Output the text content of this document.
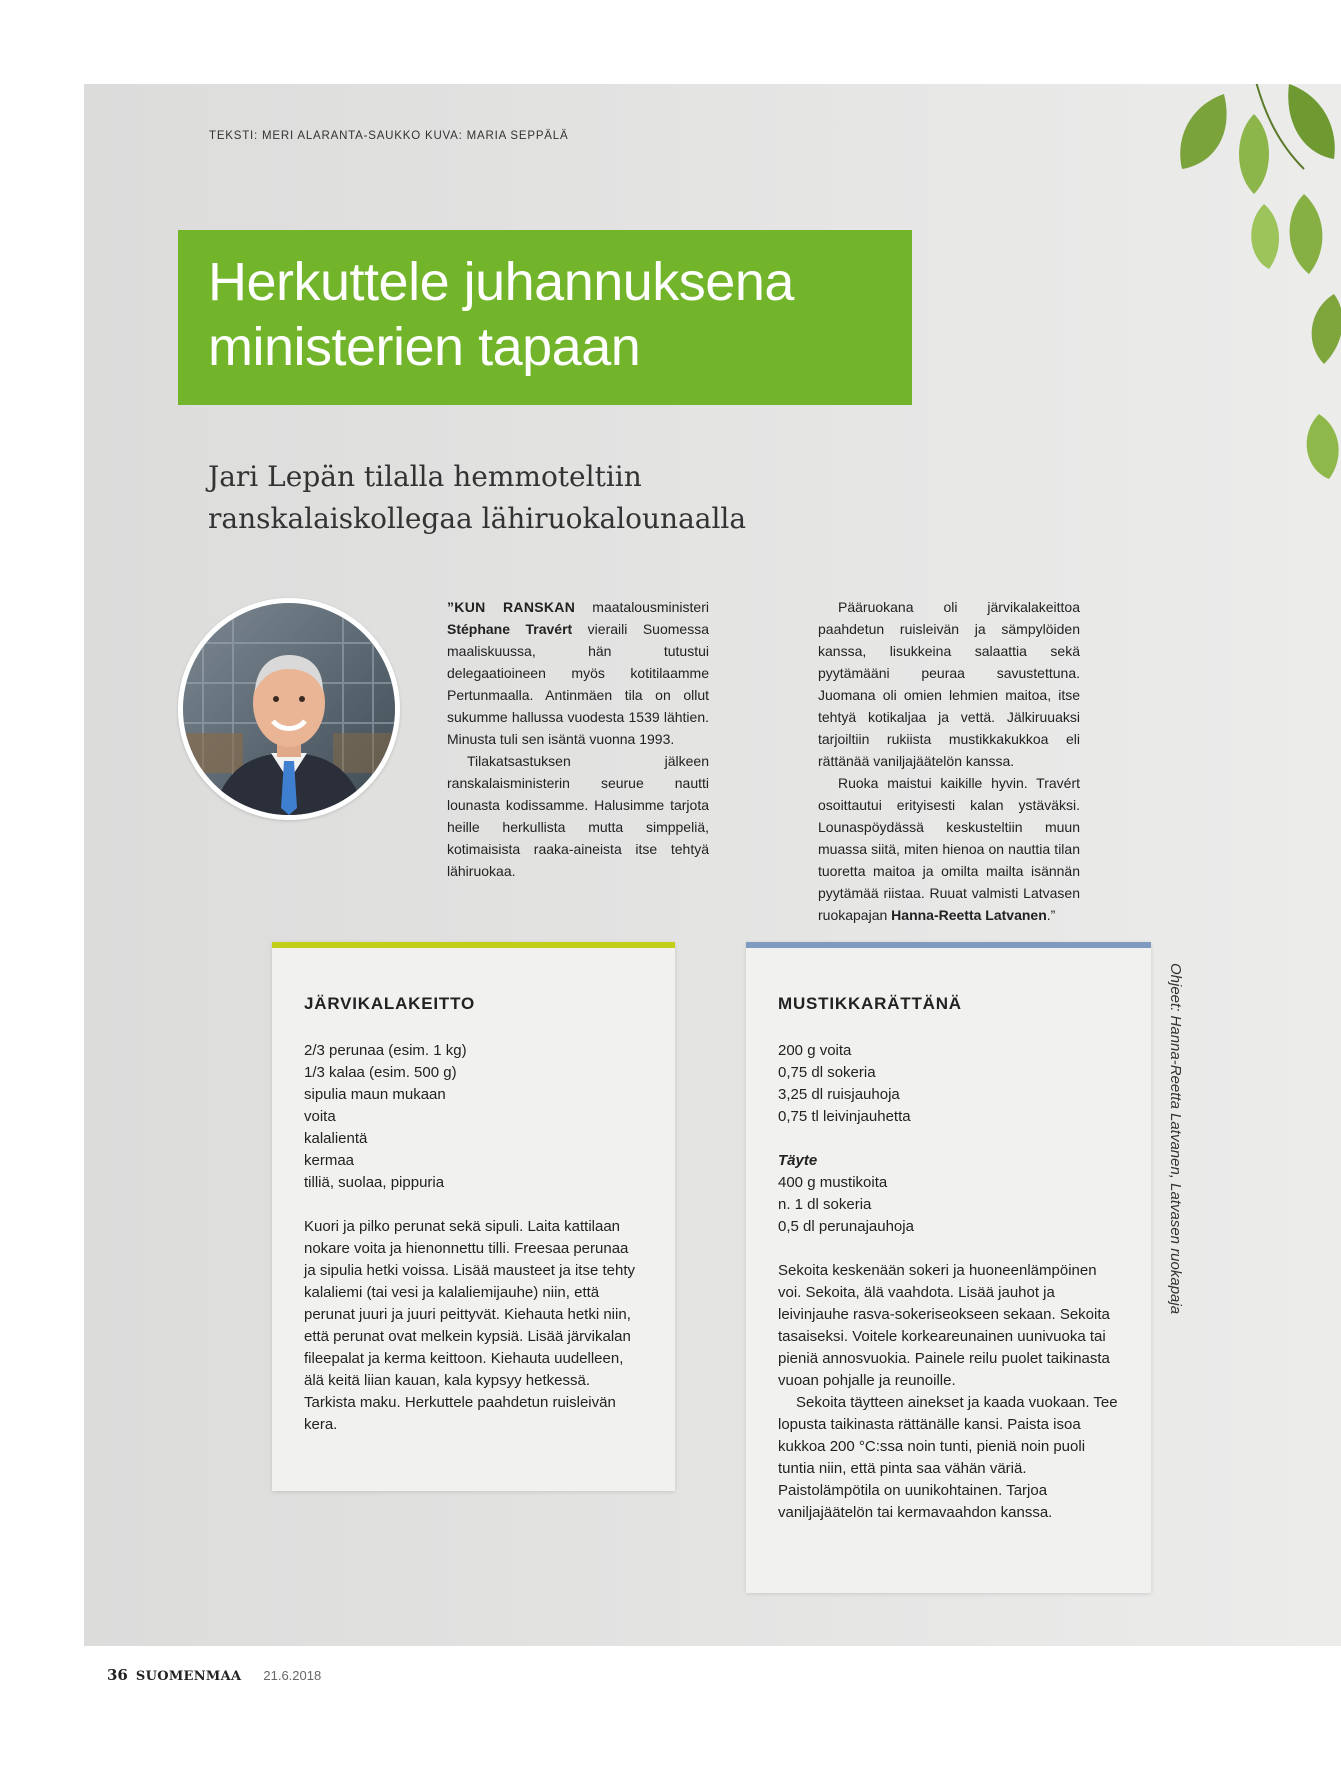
TEKSTI: MERI ALARANTA-SAUKKO KUVA: MARIA SEPPÄLÄ
Herkuttele juhannuksena
ministerien tapaan
Jari Lepän tilalla hemmoteltiin
ranskalaiskollegaa lähiruokalounaalla

”KUN RANSKAN maatalousministeri Stéphane Travért vieraili Suomessa maaliskuussa, hän tutustui delegaatioineen myös kotitilaamme Pertunmaalla. Antinmäen tila on ollut sukumme hallussa vuodesta 1539 lähtien. Minusta tuli sen isäntä vuonna 1993.

Tilakatsastuksen jälkeen ranskalaisministerin seurue nautti lounasta kodissamme. Halusimme tarjota heille herkullista mutta simppeliä, kotimaisista raaka-aineista itse tehtyä lähiruokaa.

Pääruokana oli järvikalakeittoa paahdetun ruisleivän ja sämpylöiden kanssa, lisukkeina salaattia sekä pyytämääni peuraa savustettuna. Juomana oli omien lehmien maitoa, itse tehtyä kotikaljaa ja vettä. Jälkiruuaksi tarjoiltiin rukiista mustikkakukkoa eli rättänää vaniljajäätelön kanssa.

Ruoka maistui kaikille hyvin. Travért osoittautui erityisesti kalan ystäväksi. Lounaspöydässä keskusteltiin muun muassa siitä, miten hienoa on nauttia tilan tuoretta maitoa ja omilta mailta isännän pyytämää riistaa. Ruuat valmisti Latvasen ruokapajan Hanna-Reetta Latvanen.”

JÄRVIKALAKEITTO
2/3 perunaa (esim. 1 kg)
1/3 kalaa (esim. 500 g)
sipulia maun mukaan
voita
kalalientä
kermaa
tilliä, suolaa, pippuria

Kuori ja pilko perunat sekä sipuli. Laita kattilaan nokare voita ja hienonnettu tilli. Freesaa perunaa ja sipulia hetki voissa. Lisää mausteet ja itse tehty kalaliemi (tai vesi ja kalaliemijauhe) niin, että perunat juuri ja juuri peittyvät. Kiehauta hetki niin, että perunat ovat melkein kypsiä. Lisää järvikalan fileepalat ja kerma keittoon. Kiehauta uudelleen, älä keitä liian kauan, kala kypsyy hetkessä. Tarkista maku. Herkuttele paahdetun ruisleivän kera.

MUSTIKKARÄTTÄNÄ
200 g voita
0,75 dl sokeria
3,25 dl ruisjauhoja
0,75 tl leivinjauhetta
Täyte
400 g mustikoita
n. 1 dl sokeria
0,5 dl perunajauhoja

Sekoita keskenään sokeri ja huoneenlämpöinen voi. Sekoita, älä vaahdota. Lisää jauhot ja leivinjauhe rasva-sokeriseokseen sekaan. Sekoita tasaiseksi. Voitele korkeareunainen uunivuoka tai pieniä annosvuokia. Painele reilu puolet taikinasta vuoan pohjalle ja reunoille.

Sekoita täytteen ainekset ja kaada vuokaan. Tee lopusta taikinasta rättänälle kansi. Paista isoa kukkoa 200 °C:ssa noin tunti, pieniä noin puoli tuntia niin, että pinta saa vähän väriä. Paistolämpötila on uunikohtainen. Tarjoa vaniljajäätelön tai kermavaahdon kanssa.

Ohjeet: Hanna-Reetta Latvanen, Latvasen ruokapaja
36 SUOMENMAA 21.6.2018
